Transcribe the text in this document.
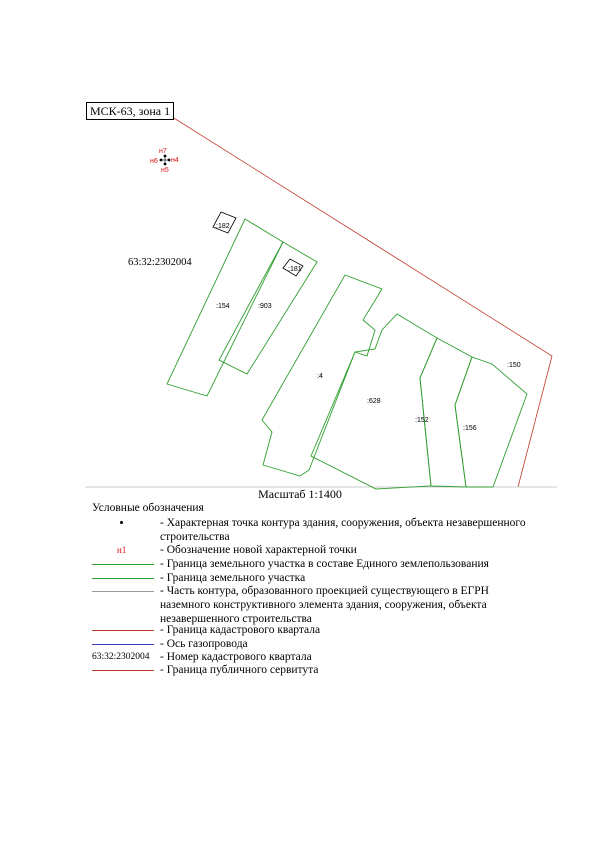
н7
н6 н4
н5
63:32:2302004
:182
:181
:154	:903
:4
:628
:152
:156
:150
МСК-63, зона 1
Масштаб 1:1400
Условные обозначения
- Характерная точка контура здания, сооружения, объекта незавершенного строительства
н1	- Обозначение новой характерной точки
- Граница земельного участка в составе Единого землепользования
- Граница земельного участка
- Часть контура, образованного проекцией существующего в ЕГРН наземного конструктивного элемента здания, сооружения, объекта незавершенного строительства
- Граница кадастрового квартала
- Ось газопровода
63:32:2302004 - Номер кадастрового квартала
- Граница публичного сервитута
